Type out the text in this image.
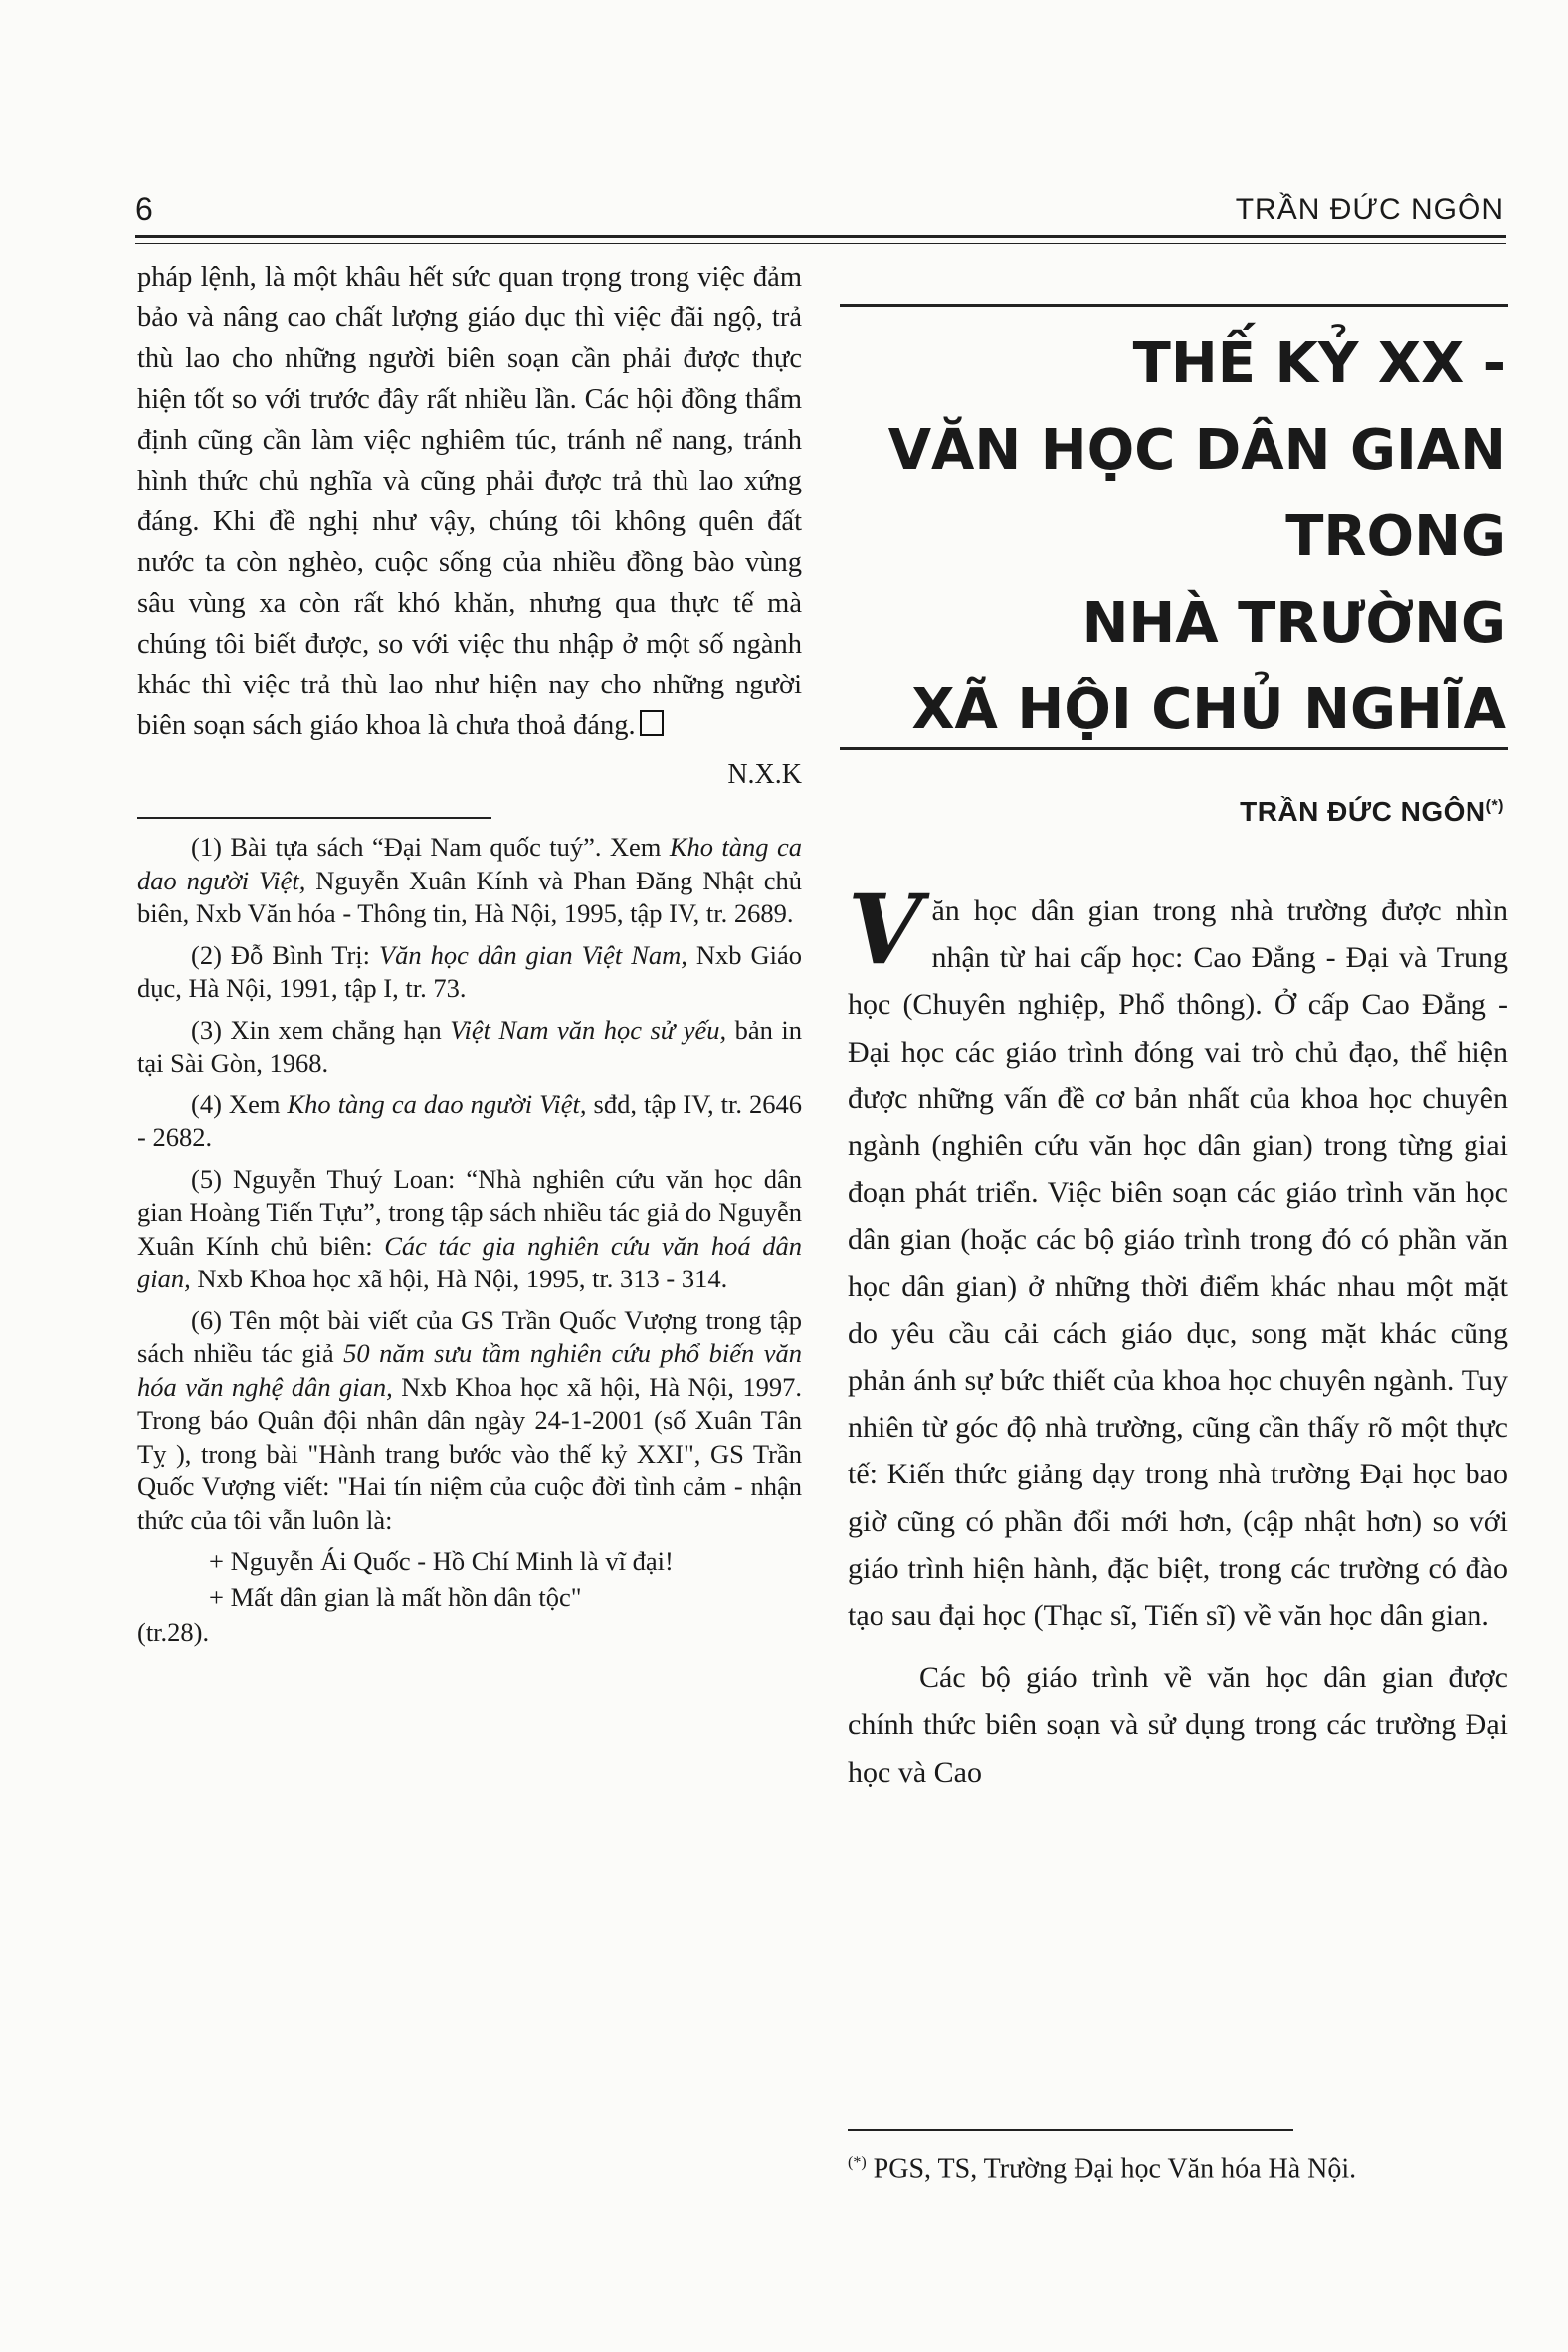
6	TRẦN ĐỨC NGÔN
pháp lệnh, là một khâu hết sức quan trọng trong việc đảm bảo và nâng cao chất lượng giáo dục thì việc đãi ngộ, trả thù lao cho những người biên soạn cần phải được thực hiện tốt so với trước đây rất nhiều lần. Các hội đồng thẩm định cũng cần làm việc nghiêm túc, tránh nể nang, tránh hình thức chủ nghĩa và cũng phải được trả thù lao xứng đáng. Khi đề nghị như vậy, chúng tôi không quên đất nước ta còn nghèo, cuộc sống của nhiều đồng bào vùng sâu vùng xa còn rất khó khăn, nhưng qua thực tế mà chúng tôi biết được, so với việc thu nhập ở một số ngành khác thì việc trả thù lao như hiện nay cho những người biên soạn sách giáo khoa là chưa thoả đáng.
N.X.K

(1) Bài tựa sách “Đại Nam quốc tuý”. Xem Kho tàng ca dao người Việt, Nguyễn Xuân Kính và Phan Đăng Nhật chủ biên, Nxb Văn hóa - Thông tin, Hà Nội, 1995, tập IV, tr. 2689.

(2) Đỗ Bình Trị: Văn học dân gian Việt Nam, Nxb Giáo dục, Hà Nội, 1991, tập I, tr. 73.

(3) Xin xem chẳng hạn Việt Nam văn học sử yếu, bản in tại Sài Gòn, 1968.

(4) Xem Kho tàng ca dao người Việt, sđd, tập IV, tr. 2646 - 2682.

(5) Nguyễn Thuý Loan: “Nhà nghiên cứu văn học dân gian Hoàng Tiến Tựu”, trong tập sách nhiều tác giả do Nguyễn Xuân Kính chủ biên: Các tác gia nghiên cứu văn hoá dân gian, Nxb Khoa học xã hội, Hà Nội, 1995, tr. 313 - 314.

(6) Tên một bài viết của GS Trần Quốc Vượng trong tập sách nhiều tác giả 50 năm sưu tầm nghiên cứu phổ biến văn hóa văn nghệ dân gian, Nxb Khoa học xã hội, Hà Nội, 1997. Trong báo Quân đội nhân dân ngày 24-1-2001 (số Xuân Tân Tỵ ), trong bài "Hành trang bước vào thế kỷ XXI", GS Trần Quốc Vượng viết: "Hai tín niệm của cuộc đời tình cảm - nhận thức của tôi vẫn luôn là:

+ Nguyễn Ái Quốc - Hồ Chí Minh là vĩ đại!

+ Mất dân gian là mất hồn dân tộc"

(tr.28).

THẾ KỶ XX -
VĂN HỌC DÂN GIAN
TRONG
NHÀ TRƯỜNG
XÃ HỘI CHỦ NGHĨA
TRẦN ĐỨC NGÔN(*)

Văn học dân gian trong nhà trường được nhìn nhận từ hai cấp học: Cao Đẳng - Đại và Trung học (Chuyên nghiệp, Phổ thông). Ở cấp Cao Đẳng - Đại học các giáo trình đóng vai trò chủ đạo, thể hiện được những vấn đề cơ bản nhất của khoa học chuyên ngành (nghiên cứu văn học dân gian) trong từng giai đoạn phát triển. Việc biên soạn các giáo trình văn học dân gian (hoặc các bộ giáo trình trong đó có phần văn học dân gian) ở những thời điểm khác nhau một mặt do yêu cầu cải cách giáo dục, song mặt khác cũng phản ánh sự bức thiết của khoa học chuyên ngành. Tuy nhiên từ góc độ nhà trường, cũng cần thấy rõ một thực tế: Kiến thức giảng dạy trong nhà trường Đại học bao giờ cũng có phần đổi mới hơn, (cập nhật hơn) so với giáo trình hiện hành, đặc biệt, trong các trường có đào tạo sau đại học (Thạc sĩ, Tiến sĩ) về văn học dân gian.

Các bộ giáo trình về văn học dân gian được chính thức biên soạn và sử dụng trong các trường Đại học và Cao

(*) PGS, TS, Trường Đại học Văn hóa Hà Nội.
